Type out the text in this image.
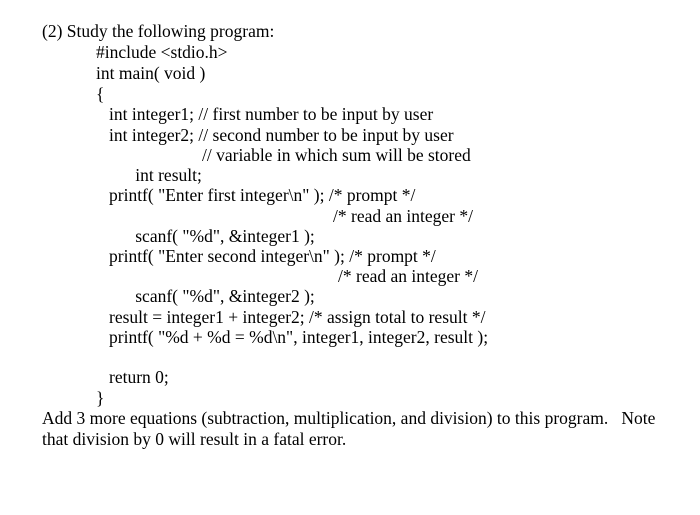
(2) Study the following program:
#include <stdio.h>
int main( void )
{
int integer1; // first number to be input by user
int integer2; // second number to be input by user

int result;

// variable in which sum will be stored

printf( "Enter first integer\n" ); /* prompt */

scanf( "%d", &integer1 );

/* read an integer */

printf( "Enter second integer\n" ); /* prompt */

scanf( "%d", &integer2 );

/* read an integer */

result = integer1 + integer2; /* assign total to result */
printf( "%d + %d = %d\n", integer1, integer2, result );
return 0;
}
Add 3 more equations (subtraction, multiplication, and division) to this program.   Note
that division by 0 will result in a fatal error.
